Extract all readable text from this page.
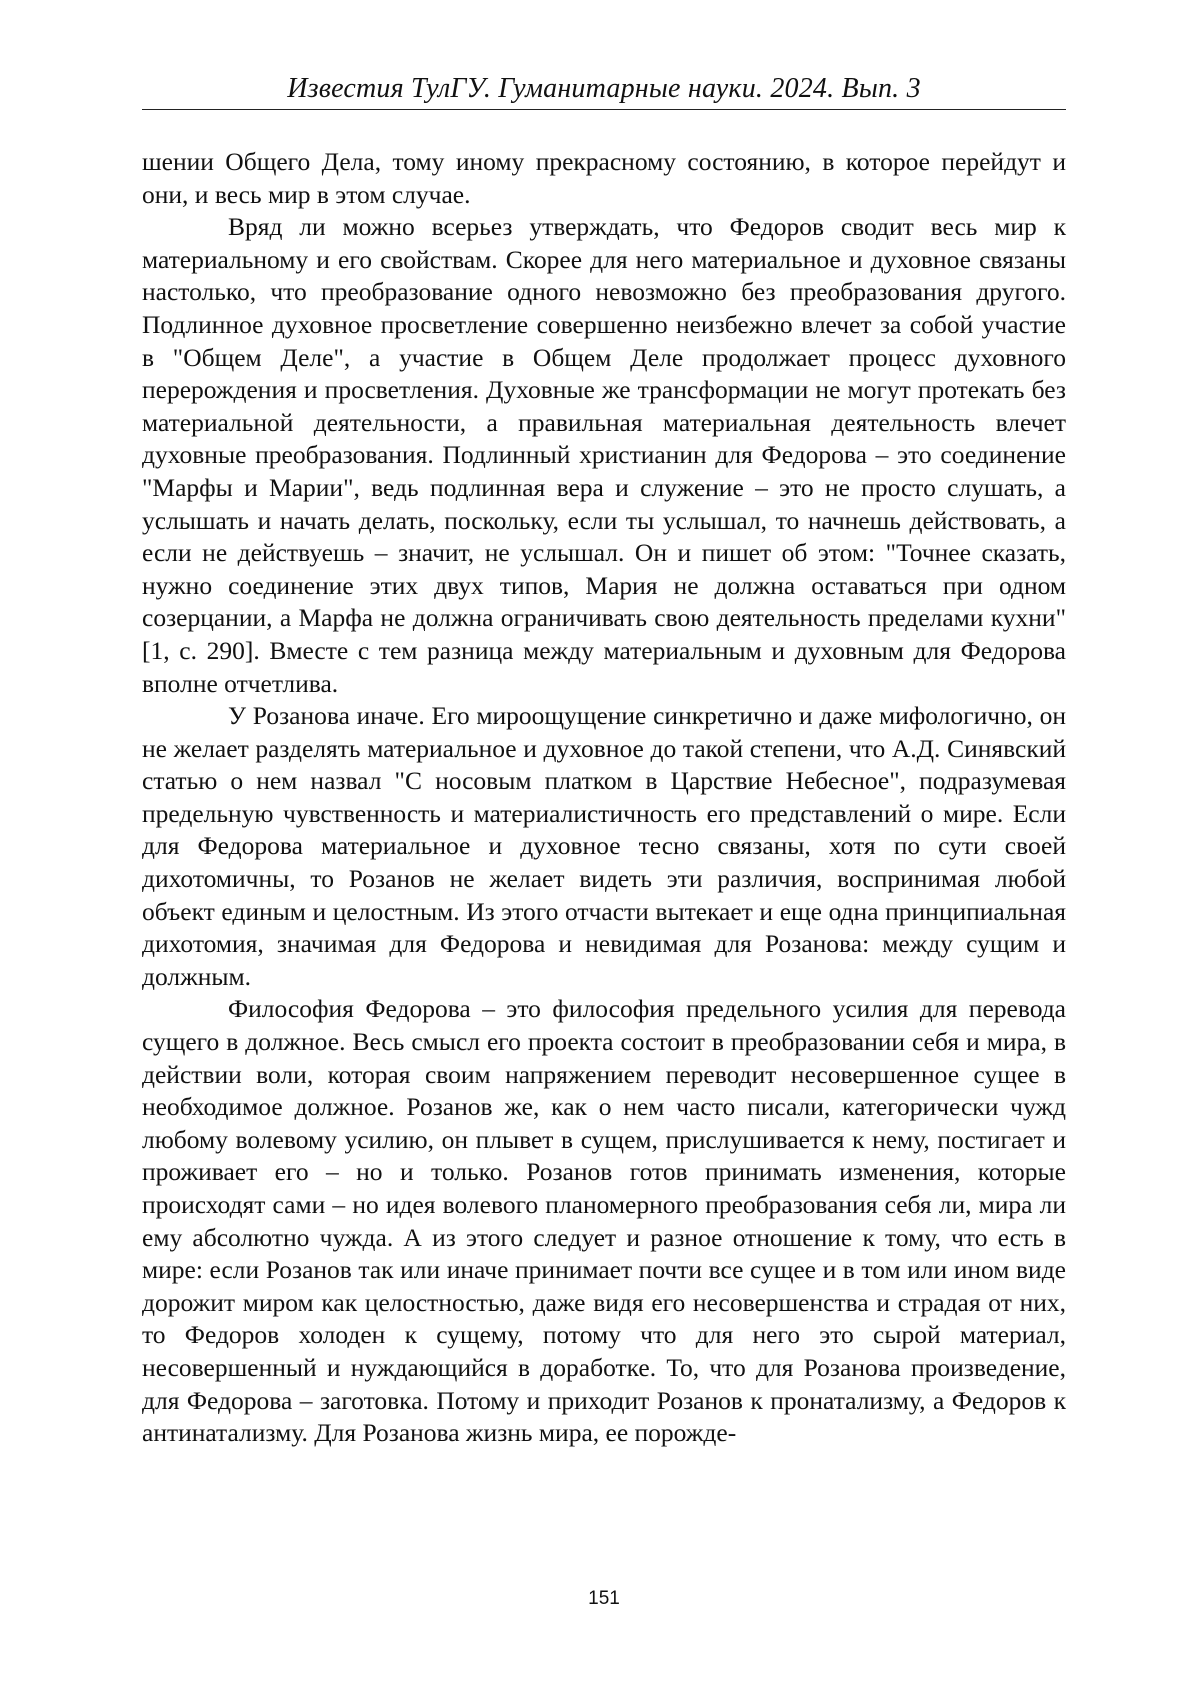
Известия ТулГУ. Гуманитарные науки. 2024. Вып. 3

шении Общего Дела, тому иному прекрасному состоянию, в которое перейдут и они, и весь мир в этом случае.

Вряд ли можно всерьез утверждать, что Федоров сводит весь мир к материальному и его свойствам. Скорее для него материальное и духовное связаны настолько, что преобразование одного невозможно без преобразования другого. Подлинное духовное просветление совершенно неизбежно влечет за собой участие в "Общем Деле", а участие в Общем Деле продолжает процесс духовного перерождения и просветления. Духовные же трансформации не могут протекать без материальной деятельности, а правильная материальная деятельность влечет духовные преобразования. Подлинный христианин для Федорова – это соединение "Марфы и Марии", ведь подлинная вера и служение – это не просто слушать, а услышать и начать делать, поскольку, если ты услышал, то начнешь действовать, а если не действуешь – значит, не услышал. Он и пишет об этом: "Точнее сказать, нужно соединение этих двух типов, Мария не должна оставаться при одном созерцании, а Марфа не должна ограничивать свою деятельность пределами кухни" [1, с. 290]. Вместе с тем разница между материальным и духовным для Федорова вполне отчетлива.

У Розанова иначе. Его мироощущение синкретично и даже мифологично, он не желает разделять материальное и духовное до такой степени, что А.Д. Синявский статью о нем назвал "С носовым платком в Царствие Небесное", подразумевая предельную чувственность и материалистичность его представлений о мире. Если для Федорова материальное и духовное тесно связаны, хотя по сути своей дихотомичны, то Розанов не желает видеть эти различия, воспринимая любой объект единым и целостным. Из этого отчасти вытекает и еще одна принципиальная дихотомия, значимая для Федорова и невидимая для Розанова: между сущим и должным.

Философия Федорова – это философия предельного усилия для перевода сущего в должное. Весь смысл его проекта состоит в преобразовании себя и мира, в действии воли, которая своим напряжением переводит несовершенное сущее в необходимое должное. Розанов же, как о нем часто писали, категорически чужд любому волевому усилию, он плывет в сущем, прислушивается к нему, постигает и проживает его – но и только. Розанов готов принимать изменения, которые происходят сами – но идея волевого планомерного преобразования себя ли, мира ли ему абсолютно чужда. А из этого следует и разное отношение к тому, что есть в мире: если Розанов так или иначе принимает почти все сущее и в том или ином виде дорожит миром как целостностью, даже видя его несовершенства и страдая от них, то Федоров холоден к сущему, потому что для него это сырой материал, несовершенный и нуждающийся в доработке. То, что для Розанова произведение, для Федорова – заготовка. Потому и приходит Розанов к пронатализму, а Федоров к антинатализму. Для Розанова жизнь мира, ее порожде-

151
